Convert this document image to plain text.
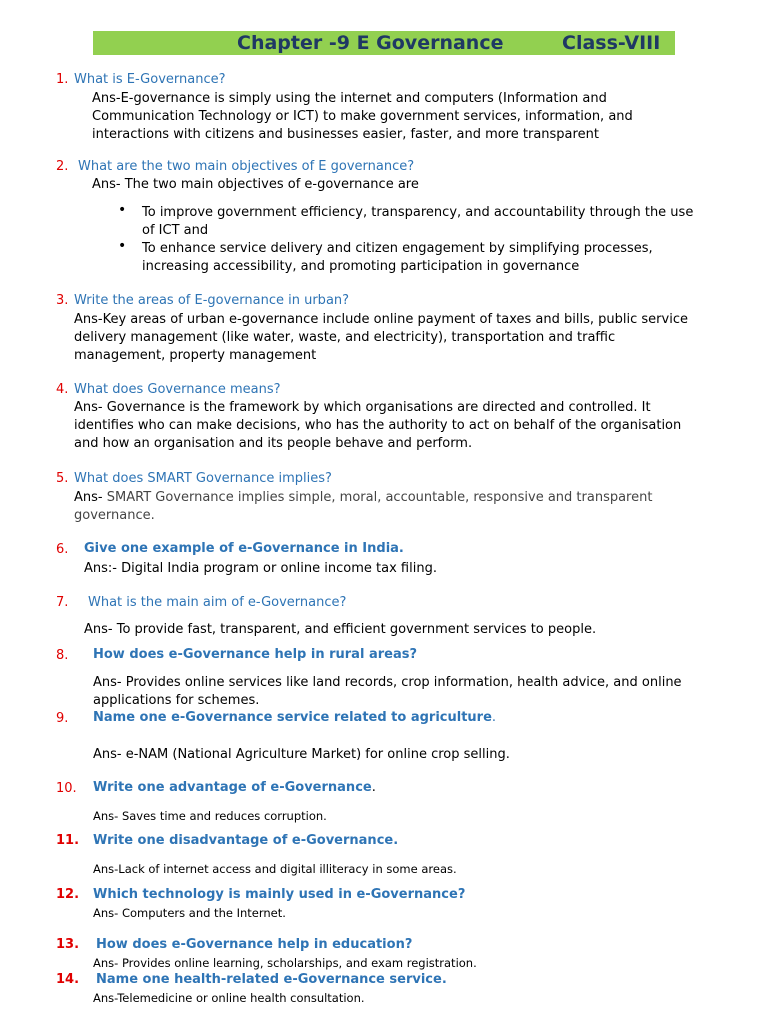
Chapter -9 E Governance	Class-VIII
1. What is E-Governance?
Ans-E-governance is simply using the internet and computers (Information and
Communication Technology or ICT) to make government services, information, and
interactions with citizens and businesses easier, faster, and more transparent
2. What are the two main objectives of E governance?
Ans- The two main objectives of e-governance are
• To improve government efficiency, transparency, and accountability through the use
of ICT and
• To enhance service delivery and citizen engagement by simplifying processes,
increasing accessibility, and promoting participation in governance
3. Write the areas of E-governance in urban?
Ans-Key areas of urban e-governance include online payment of taxes and bills, public service
delivery management (like water, waste, and electricity), transportation and traffic
management, property management
4. What does Governance means?
Ans- Governance is the framework by which organisations are directed and controlled. It
identifies who can make decisions, who has the authority to act on behalf of the organisation
and how an organisation and its people behave and perform.
5. What does SMART Governance implies?
Ans- SMART Governance implies simple, moral, accountable, responsive and transparent
governance.
6. Give one example of e-Governance in India.
Ans:- Digital India program or online income tax filing.
7. What is the main aim of e-Governance?
Ans- To provide fast, transparent, and efficient government services to people.
8. How does e-Governance help in rural areas?
Ans- Provides online services like land records, crop information, health advice, and online
applications for schemes.
9. Name one e-Governance service related to agriculture.
Ans- e-NAM (National Agriculture Market) for online crop selling.
10. Write one advantage of e-Governance.
Ans- Saves time and reduces corruption.
11. Write one disadvantage of e-Governance.
Ans-Lack of internet access and digital illiteracy in some areas.
12. Which technology is mainly used in e-Governance?
Ans- Computers and the Internet.
13. How does e-Governance help in education?
Ans- Provides online learning, scholarships, and exam registration.
14. Name one health-related e-Governance service.
Ans-Telemedicine or online health consultation.
